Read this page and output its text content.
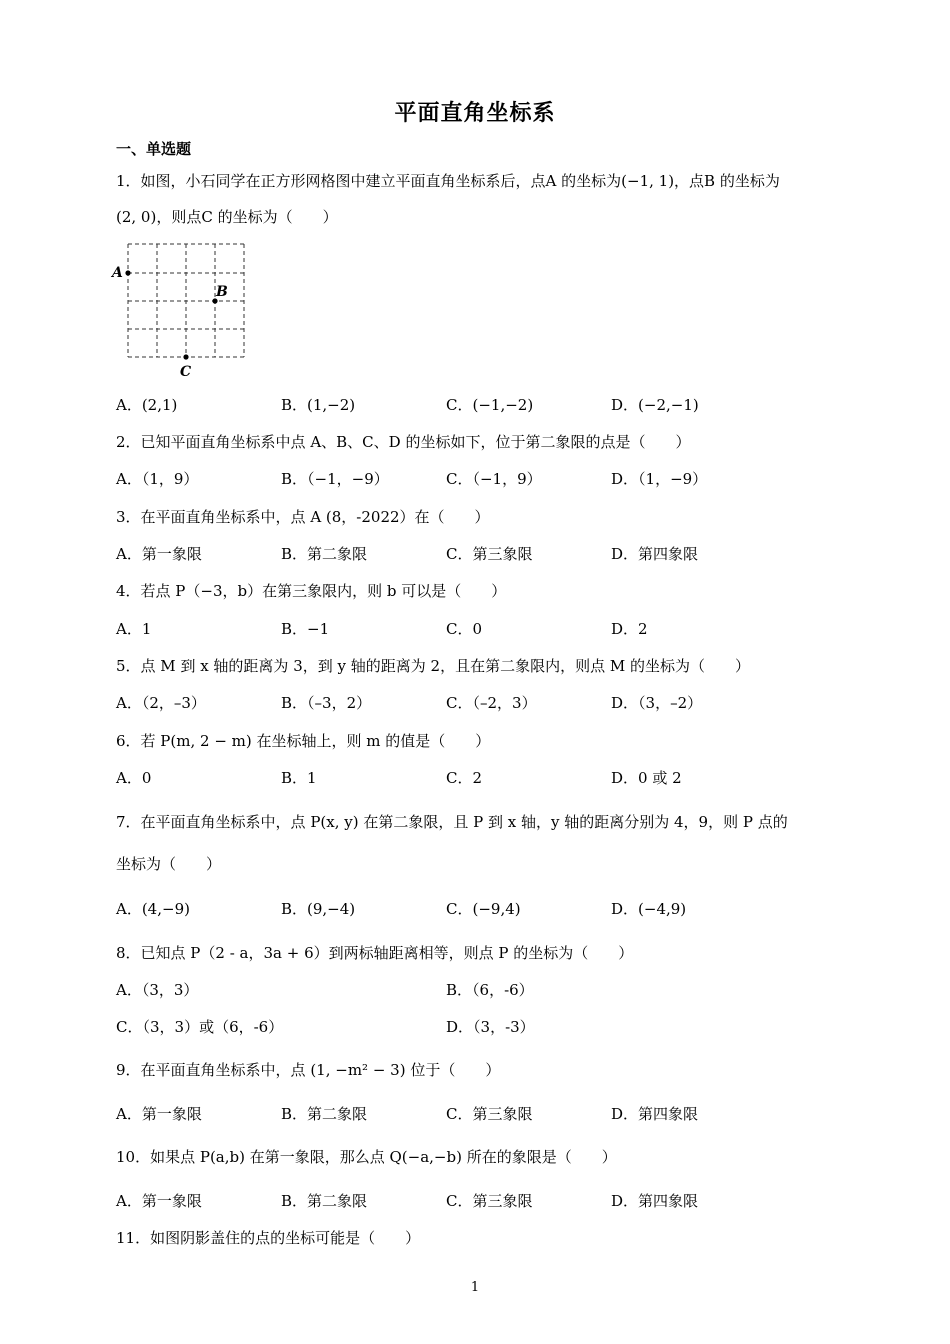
平面直角坐标系
一、单选题
1．如图，小石同学在正方形网格图中建立平面直角坐标系后，点A 的坐标为(−1, 1)，点B 的坐标为
(2, 0)，则点C 的坐标为（　　）
A
B
C
A．(2,1)	B．(1,−2)	C．(−1,−2)	D．(−2,−1)
2．已知平面直角坐标系中点 A、B、C、D 的坐标如下，位于第二象限的点是（　　）
A．（1，9）	B．（−1，−9）	C．（−1，9）	D．（1，−9）
3．在平面直角坐标系中，点 A (8，-2022）在（　　）
A．第一象限	B．第二象限	C．第三象限	D．第四象限
4．若点 P（−3，b）在第三象限内，则 b 可以是（　　）
A．1	B．−1	C．0	D．2
5．点 M 到 x 轴的距离为 3，到 y 轴的距离为 2，且在第二象限内，则点 M 的坐标为（　　）
A．（2，–3）	B．（–3，2）	C．（–2，3）	D．（3，–2）
6．若 P(m, 2 − m) 在坐标轴上，则 m 的值是（　　）
A．0	B．1	C．2	D．0 或 2
7．在平面直角坐标系中，点 P(x, y) 在第二象限，且 P 到 x 轴，y 轴的距离分别为 4，9，则 P 点的
坐标为（　　）
A．(4,−9)	B．(9,−4)	C．(−9,4)	D．(−4,9)
8．已知点 P（2 - a，3a + 6）到两标轴距离相等，则点 P 的坐标为（　　）
A．（3，3）	B．（6，-6）
C．（3，3）或（6，-6）	D．（3，-3）
9．在平面直角坐标系中，点 (1, −m² − 3) 位于（　　）
A．第一象限	B．第二象限	C．第三象限	D．第四象限
10．如果点 P(a,b) 在第一象限，那么点 Q(−a,−b) 所在的象限是（　　）
A．第一象限	B．第二象限	C．第三象限	D．第四象限
11．如图阴影盖住的点的坐标可能是（　　）
1
